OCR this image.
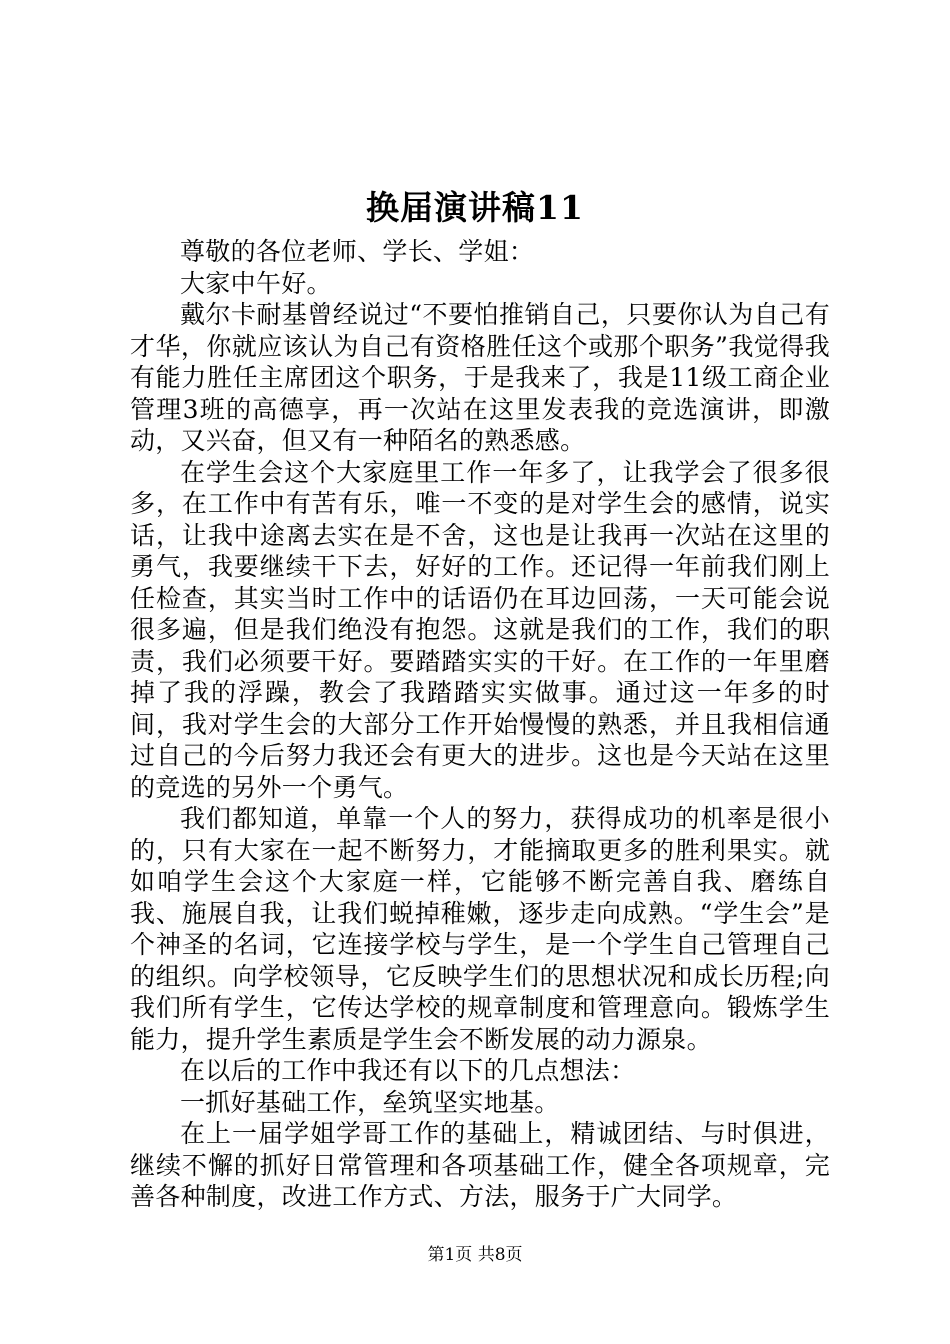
换届演讲稿11

尊敬的各位老师、学长、学姐：

大家中午好。

戴尔卡耐基曾经说过“不要怕推销自己，只要你认为自己有才华，你就应该认为自己有资格胜任这个或那个职务”我觉得我有能力胜任主席团这个职务，于是我来了，我是11级工商企业管理3班的高德享，再一次站在这里发表我的竞选演讲，即激动，又兴奋，但又有一种陌名的熟悉感。

在学生会这个大家庭里工作一年多了，让我学会了很多很多，在工作中有苦有乐，唯一不变的是对学生会的感情，说实话，让我中途离去实在是不舍，这也是让我再一次站在这里的勇气，我要继续干下去，好好的工作。还记得一年前我们刚上任检查，其实当时工作中的话语仍在耳边回荡，一天可能会说很多遍，但是我们绝没有抱怨。这就是我们的工作，我们的职责，我们必须要干好。要踏踏实实的干好。在工作的一年里磨掉了我的浮躁，教会了我踏踏实实做事。通过这一年多的时间，我对学生会的大部分工作开始慢慢的熟悉，并且我相信通过自己的今后努力我还会有更大的进步。这也是今天站在这里的竞选的另外一个勇气。

我们都知道，单靠一个人的努力，获得成功的机率是很小的，只有大家在一起不断努力，才能摘取更多的胜利果实。就如咱学生会这个大家庭一样，它能够不断完善自我、磨练自我、施展自我，让我们蜕掉稚嫩，逐步走向成熟。“学生会”是个神圣的名词，它连接学校与学生，是一个学生自己管理自己的组织。向学校领导，它反映学生们的思想状况和成长历程;向我们所有学生，它传达学校的规章制度和管理意向。锻炼学生能力，提升学生素质是学生会不断发展的动力源泉。

在以后的工作中我还有以下的几点想法：

一抓好基础工作，垒筑坚实地基。

在上一届学姐学哥工作的基础上，精诚团结、与时俱进，继续不懈的抓好日常管理和各项基础工作，健全各项规章，完善各种制度，改进工作方式、方法，服务于广大同学。

第1页 共8页
